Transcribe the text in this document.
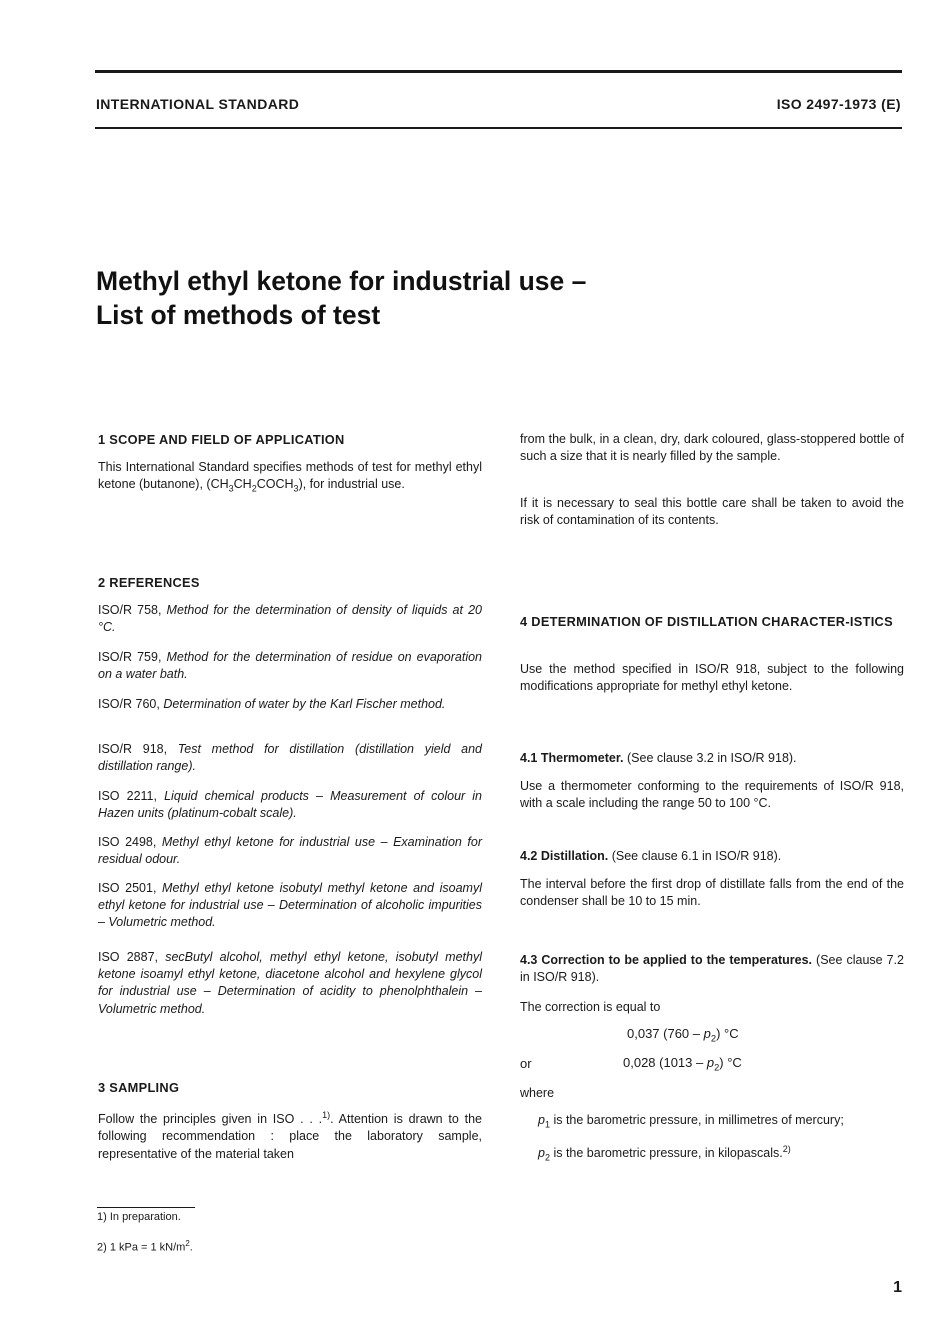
INTERNATIONAL STANDARD	ISO 2497-1973 (E)
Methyl ethyl ketone for industrial use –
List of methods of test

1 SCOPE AND FIELD OF APPLICATION

This International Standard specifies methods of test for methyl ethyl ketone (butanone), $(CH_3CH_2COCH_3)$, for industrial use.

2 REFERENCES

ISO/R 758, Method for the determination of density of liquids at 20 °C.

ISO/R 759, Method for the determination of residue on evaporation on a water bath.

ISO/R 760, Determination of water by the Karl Fischer method.

ISO/R 918, Test method for distillation (distillation yield and distillation range).

ISO 2211, Liquid chemical products – Measurement of colour in Hazen units (platinum-cobalt scale).

ISO 2498, Methyl ethyl ketone for industrial use – Examination for residual odour.

ISO 2501, Methyl ethyl ketone isobutyl methyl ketone and isoamyl ethyl ketone for industrial use – Determination of alcoholic impurities – Volumetric method.

ISO 2887, secButyl alcohol, methyl ethyl ketone, isobutyl methyl ketone isoamyl ethyl ketone, diacetone alcohol and hexylene glycol for industrial use – Determination of acidity to phenolphthalein – Volumetric method.

3 SAMPLING

Follow the principles given in ISO . . .$^{1)}$. Attention is drawn to the following recommendation : place the laboratory sample, representative of the material taken

from the bulk, in a clean, dry, dark coloured, glass-stoppered bottle of such a size that it is nearly filled by the sample.

If it is necessary to seal this bottle care shall be taken to avoid the risk of contamination of its contents.

4 DETERMINATION OF DISTILLATION CHARACTER-ISTICS

Use the method specified in ISO/R 918, subject to the following modifications appropriate for methyl ethyl ketone.

4.1 Thermometer. (See clause 3.2 in ISO/R 918).

Use a thermometer conforming to the requirements of ISO/R 918, with a scale including the range 50 to 100 °C.

4.2 Distillation. (See clause 6.1 in ISO/R 918).

The interval before the first drop of distillate falls from the end of the condenser shall be 10 to 15 min.

4.3 Correction to be applied to the temperatures. (See clause 7.2 in ISO/R 918).

The correction is equal to

0,037 $(760 - p_2)$ °C
or	0,028 $(1013 - p_2)$ °C

where

$p_1$ is the barometric pressure, in millimetres of mercury;
$p_2$ is the barometric pressure, in kilopascals.$^{2)}$
1) In preparation.
2) 1 kPa = 1 $kN/m^2$.
1
